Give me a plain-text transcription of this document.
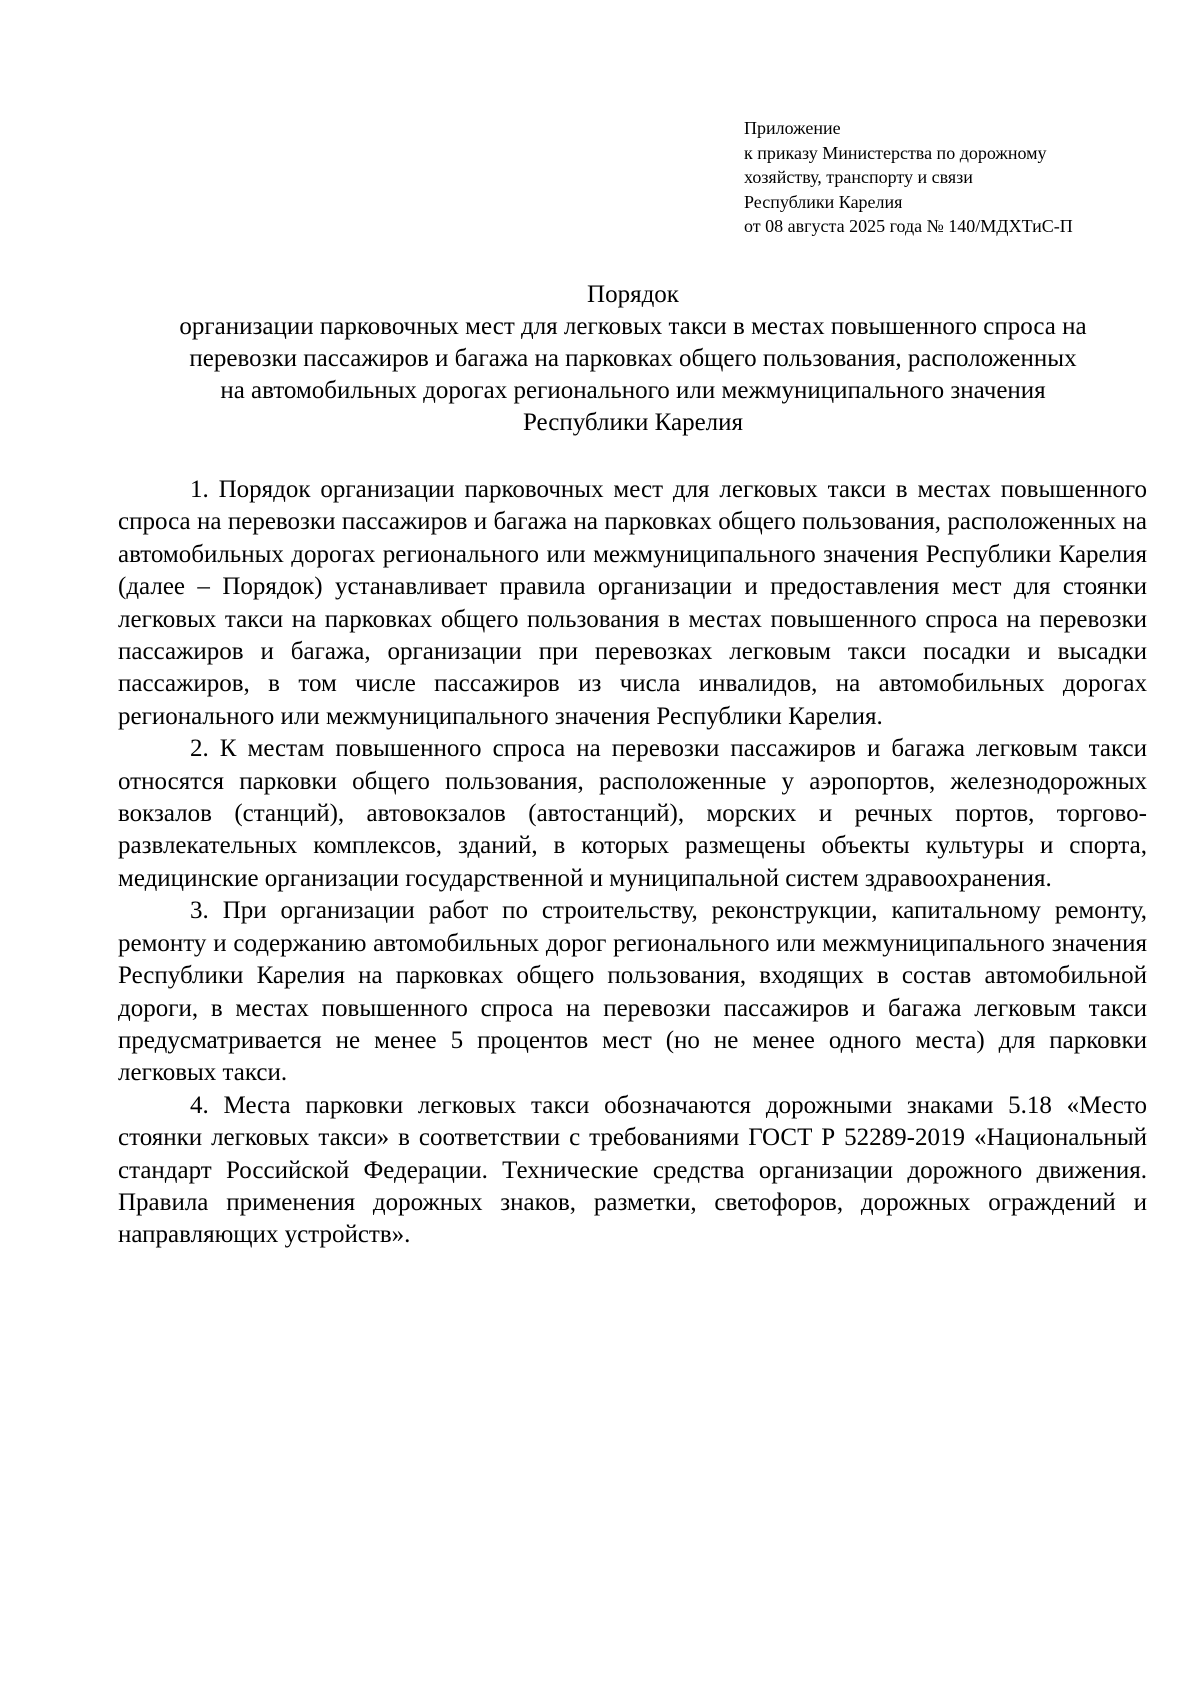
Приложение
к приказу Министерства по дорожному
хозяйству, транспорту и связи
Республики Карелия
от 08 августа 2025 года № 140/МДХТиС-П
Порядок
организации парковочных мест для легковых такси в местах повышенного спроса на
перевозки пассажиров и багажа на парковках общего пользования, расположенных
на автомобильных дорогах регионального или межмуниципального значения
Республики Карелия

1. Порядок организации парковочных мест для легковых такси в местах повышенного спроса на перевозки пассажиров и багажа на парковках общего пользования, расположенных на автомобильных дорогах регионального или межмуниципального значения Республики Карелия (далее – Порядок) устанавливает правила организации и предоставления мест для стоянки легковых такси на парковках общего пользования в местах повышенного спроса на перевозки пассажиров и багажа, организации при перевозках легковым такси посадки и высадки пассажиров, в том числе пассажиров из числа инвалидов, на автомобильных дорогах регионального или межмуниципального значения Республики Карелия.

2. К местам повышенного спроса на перевозки пассажиров и багажа легковым такси относятся парковки общего пользования, расположенные у аэропортов, железнодорожных вокзалов (станций), автовокзалов (автостанций), морских и речных портов, торгово-развлекательных комплексов, зданий, в которых размещены объекты культуры и спорта, медицинские организации государственной и муниципальной систем здравоохранения.

3. При организации работ по строительству, реконструкции, капитальному ремонту, ремонту и содержанию автомобильных дорог регионального или межмуниципального значения Республики Карелия на парковках общего пользования, входящих в состав автомобильной дороги, в местах повышенного спроса на перевозки пассажиров и багажа легковым такси предусматривается не менее 5 процентов мест (но не менее одного места) для парковки легковых такси.

4. Места парковки легковых такси обозначаются дорожными знаками 5.18 «Место стоянки легковых такси» в соответствии с требованиями ГОСТ Р 52289-2019 «Национальный стандарт Российской Федерации. Технические средства организации дорожного движения. Правила применения дорожных знаков, разметки, светофоров, дорожных ограждений и направляющих устройств».
